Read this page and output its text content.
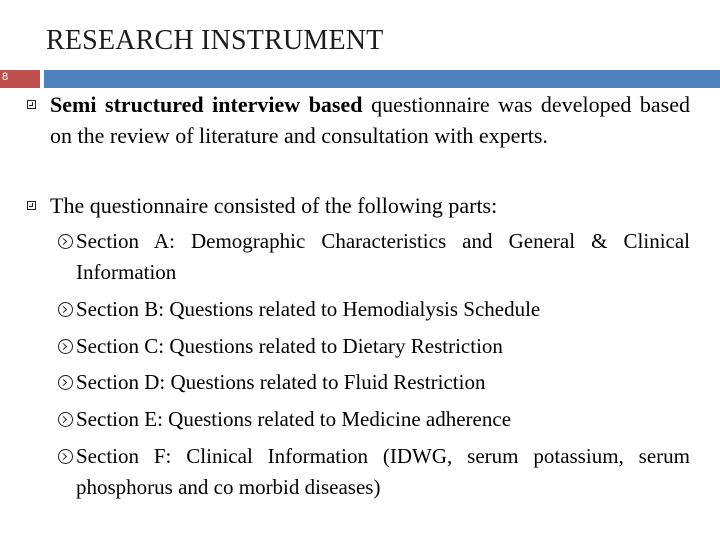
RESEARCH INSTRUMENT
8
Semi structured interview based questionnaire was developed based on the review of literature and consultation with experts.
The questionnaire consisted of the following parts:
Section A: Demographic Characteristics and General & Clinical Information
Section B: Questions related to Hemodialysis Schedule
Section C: Questions related to Dietary Restriction
Section D: Questions related to Fluid Restriction
Section E: Questions related to Medicine adherence
Section F: Clinical Information (IDWG, serum potassium, serum phosphorus and co morbid diseases)
